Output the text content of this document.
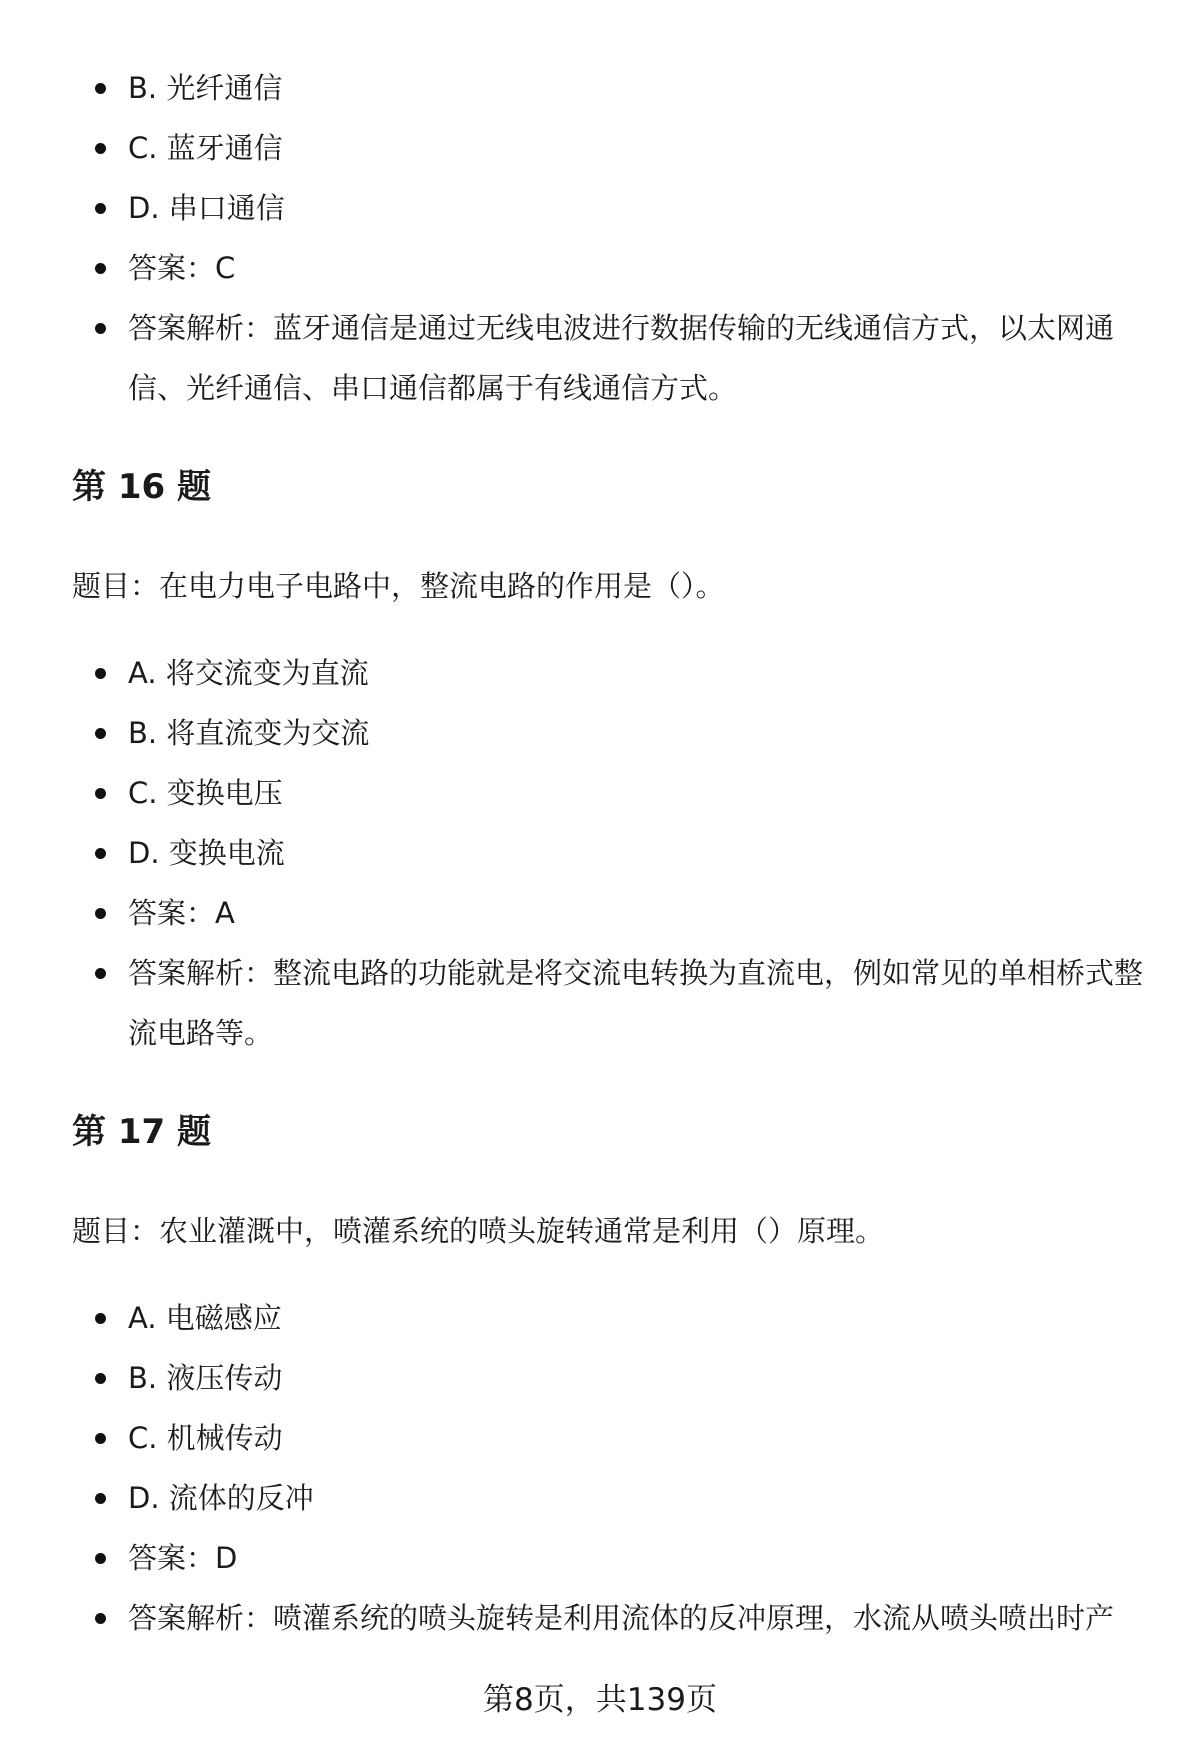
B. 光纤通信
C. 蓝牙通信
D. 串口通信
答案：C
答案解析：蓝牙通信是通过无线电波进行数据传输的无线通信方式，以太网通信、光纤通信、串口通信都属于有线通信方式。
第 16 题
题目：在电力电子电路中，整流电路的作用是（）。
A. 将交流变为直流
B. 将直流变为交流
C. 变换电压
D. 变换电流
答案：A
答案解析：整流电路的功能就是将交流电转换为直流电，例如常见的单相桥式整流电路等。
第 17 题
题目：农业灌溉中，喷灌系统的喷头旋转通常是利用（）原理。
A. 电磁感应
B. 液压传动
C. 机械传动
D. 流体的反冲
答案：D
答案解析：喷灌系统的喷头旋转是利用流体的反冲原理，水流从喷头喷出时产
第8页，共139页
